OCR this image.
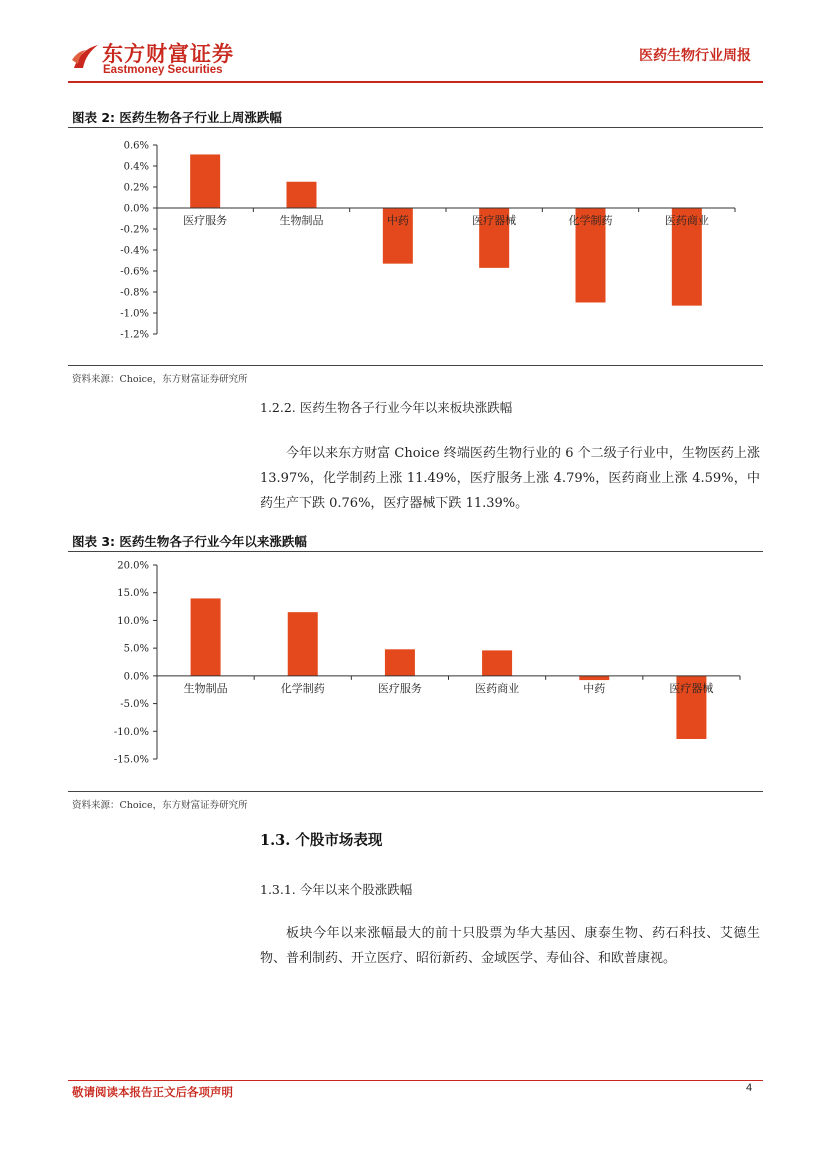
东方财富证券
Eastmoney Securities
医药生物行业周报
图表 2: 医药生物各子行业上周涨跌幅
0.6%
0.4%
0.2%
0.0%
-0.2%
-0.4%
-0.6%
-0.8%
-1.0%
-1.2%
医疗服务	生物制品	中药	医疗器械	化学制药	医药商业
资料来源：Choice，东方财富证券研究所
1.2.2. 医药生物各子行业今年以来板块涨跌幅

今年以来东方财富 Choice 终端医药生物行业的 6 个二级子行业中，生物医药上涨 13.97%，化学制药上涨 11.49%，医疗服务上涨 4.79%，医药商业上涨 4.59%，中药生产下跌 0.76%，医疗器械下跌 11.39%。

图表 3: 医药生物各子行业今年以来涨跌幅
20.0%
15.0%
10.0%
5.0%
0.0%
-5.0%
-10.0%
-15.0%
生物制品	化学制药	医疗服务	医药商业	中药	医疗器械
资料来源：Choice，东方财富证券研究所
1.3. 个股市场表现
1.3.1. 今年以来个股涨跌幅

板块今年以来涨幅最大的前十只股票为华大基因、康泰生物、药石科技、艾德生物、普利制药、开立医疗、昭衍新药、金域医学、寿仙谷、和欧普康视。

敬请阅读本报告正文后各项声明	4
